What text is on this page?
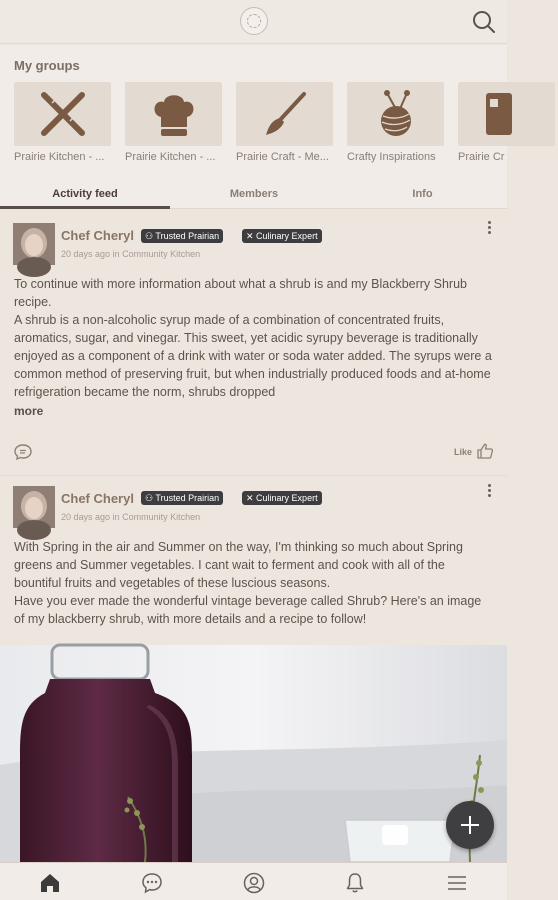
My groups
Prairie Kitchen - ...	Prairie Kitchen - ...	Prairie Craft - Me...	Crafty Inspirations	Prairie Cr
Activity feed	Members	Info
Chef Cheryl	⚇ Trusted Prairian	✕ Culinary Expert
20 days ago in Community Kitchen

To continue with more information about what a shrub is and my Blackberry Shrub recipe.

A shrub is a non-alcoholic syrup made of a combination of concentrated fruits, aromatics, sugar, and vinegar. This sweet, yet acidic syrupy beverage is traditionally enjoyed as a component of a drink with water or soda water added. The syrups were a common method of preserving fruit, but when industrially produced foods and at-home refrigeration became the norm, shrubs dropped

more
Like
Chef Cheryl	⚇ Trusted Prairian	✕ Culinary Expert
20 days ago in Community Kitchen

With Spring in the air and Summer on the way, I'm thinking so much about Spring greens and Summer vegetables. I cant wait to ferment and cook with all of the bountiful fruits and vegetables of these luscious seasons.

Have you ever made the wonderful vintage beverage called Shrub? Here's an image of my blackberry shrub, with more details and a recipe to follow!
